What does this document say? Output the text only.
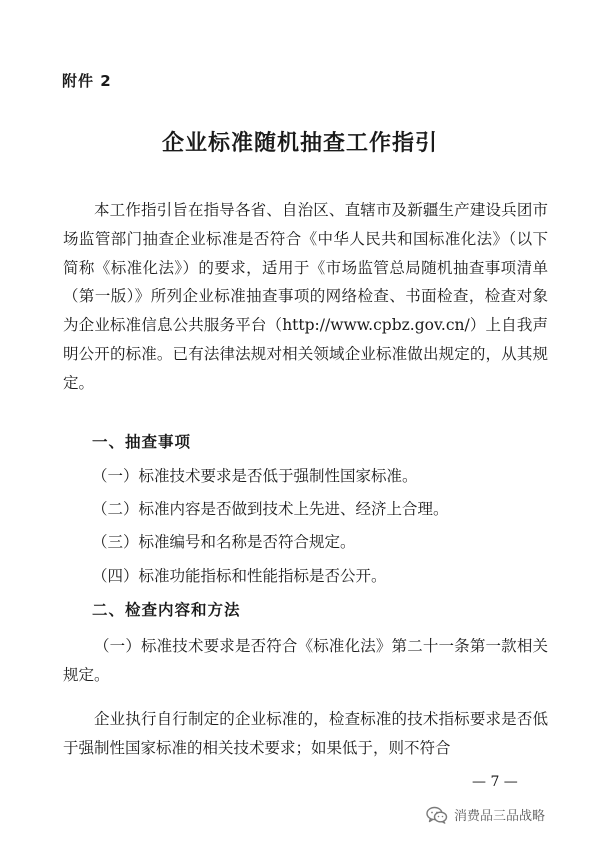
附件 2
企业标准随机抽查工作指引

本工作指引旨在指导各省、自治区、直辖市及新疆生产建设兵团市场监管部门抽查企业标准是否符合《中华人民共和国标准化法》（以下简称《标准化法》）的要求，适用于《市场监管总局随机抽查事项清单（第一版）》所列企业标准抽查事项的网络检查、书面检查，检查对象为企业标准信息公共服务平台（http://www.cpbz.gov.cn/）上自我声明公开的标准。已有法律法规对相关领域企业标准做出规定的，从其规定。

一、抽查事项
（一）标准技术要求是否低于强制性国家标准。
（二）标准内容是否做到技术上先进、经济上合理。
（三）标准编号和名称是否符合规定。
（四）标准功能指标和性能指标是否公开。
二、检查内容和方法

（一）标准技术要求是否符合《标准化法》第二十一条第一款相关规定。

企业执行自行制定的企业标准的，检查标准的技术指标要求是否低于强制性国家标准的相关技术要求；如果低于，则不符合

— 7 —
消费品三品战略
